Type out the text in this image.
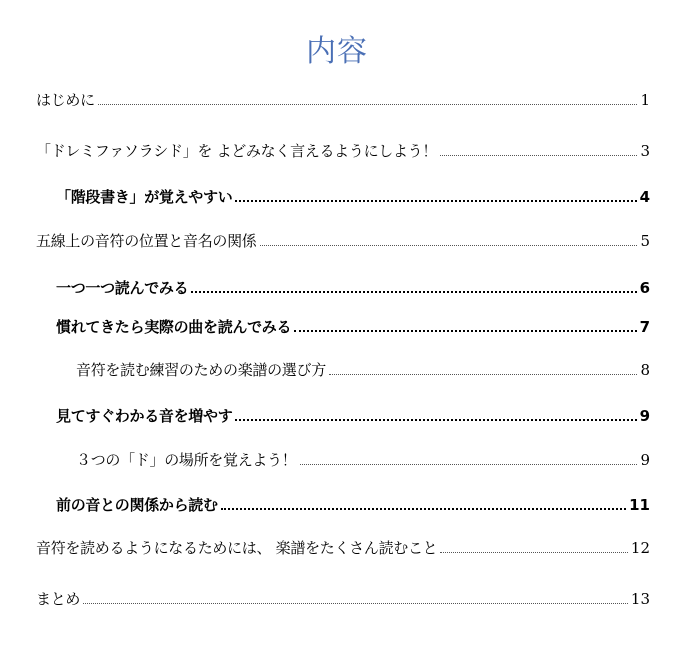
内容
はじめに	1
「ドレミファソラシド」を よどみなく言えるようにしよう！	3
「階段書き」が覚えやすい	4
五線上の音符の位置と音名の関係	5
一つ一つ読んでみる	6
慣れてきたら実際の曲を読んでみる	7
音符を読む練習のための楽譜の選び方	8
見てすぐわかる音を増やす	9
３つの「ド」の場所を覚えよう！	9
前の音との関係から読む	11
音符を読めるようになるためには、 楽譜をたくさん読むこと	12
まとめ	13
